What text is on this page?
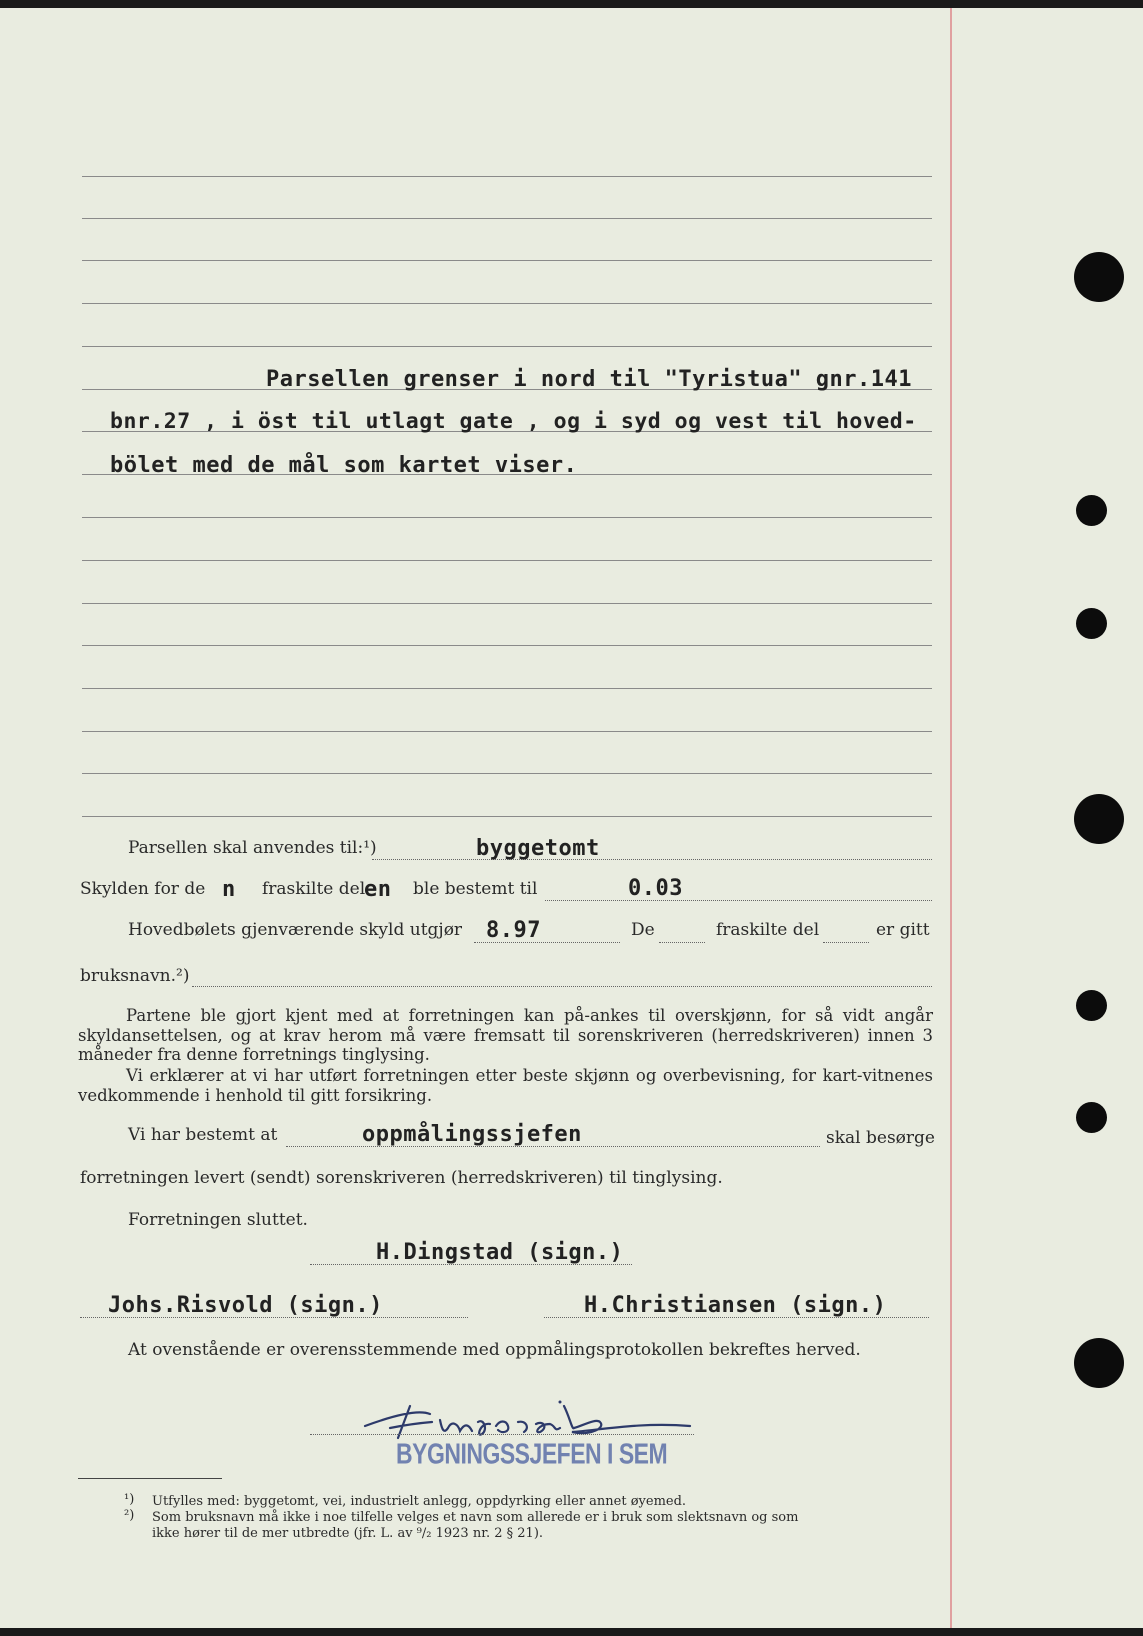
Parsellen grenser i nord til "Tyristua" gnr.141
bnr.27 , i öst til utlagt gate , og i syd og vest til hoved-
bölet med de mål som kartet viser.
Parsellen skal anvendes til:¹)	byggetomt
Skylden for de n fraskilte del
en ble bestemt til	0.03
Hovedbølets gjenværende skyld utgjør 8.97	De	fraskilte del	er gitt
bruksnavn.²)
Partene ble gjort kjent med at forretningen kan på-ankes til overskjønn, for så vidt angår skyldansettelsen, og at krav herom må være fremsatt til sorenskriveren (herredskriveren) innen 3 måneder fra denne forretnings tinglysing.
Vi erklærer at vi har utført forretningen etter beste skjønn og overbevisning, for kart-vitnenes vedkommende i henhold til gitt forsikring.
Vi har bestemt at	oppmålingssjefen	skal besørge
forretningen levert (sendt) sorenskriveren (herredskriveren) til tinglysing.
Forretningen sluttet.
H.Dingstad (sign.)
Johs.Risvold (sign.)	H.Christiansen (sign.)
At ovenstående er overensstemmende med oppmålingsprotokollen bekreftes herved.
BYGNINGSSJEFEN I SEM
¹) Utfylles med: byggetomt, vei, industrielt anlegg, oppdyrking eller annet øyemed.
²) Som bruksnavn må ikke i noe tilfelle velges et navn som allerede er i bruk som slektsnavn og som
ikke hører til de mer utbredte (jfr. L. av ⁹/₂ 1923 nr. 2 § 21).
